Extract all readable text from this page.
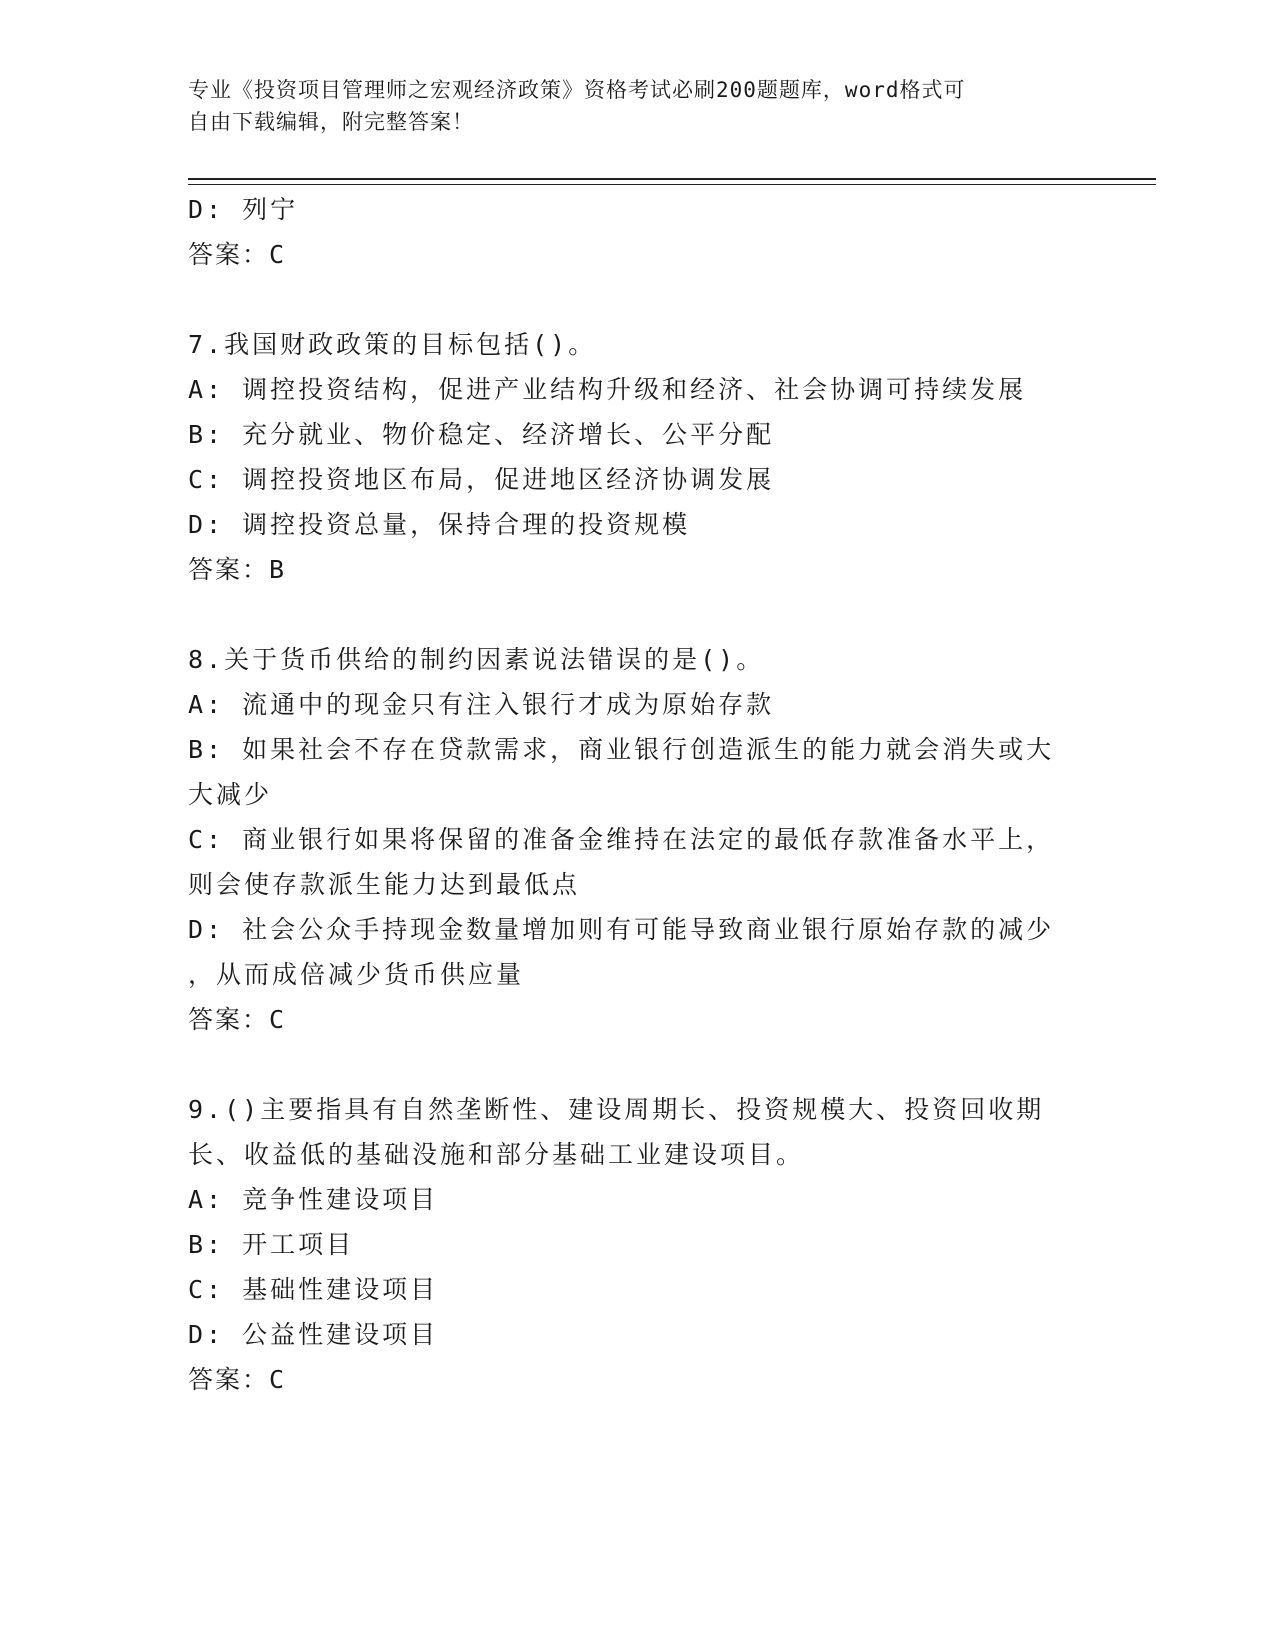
专业《投资项目管理师之宏观经济政策》资格考试必刷200题题库，word格式可
自由下载编辑，附完整答案！
D: 列宁
答案：C
7.我国财政政策的目标包括()。
A: 调控投资结构，促进产业结构升级和经济、社会协调可持续发展
B: 充分就业、物价稳定、经济增长、公平分配
C: 调控投资地区布局，促进地区经济协调发展
D: 调控投资总量，保持合理的投资规模
答案：B
8.关于货币供给的制约因素说法错误的是()。
A: 流通中的现金只有注入银行才成为原始存款
B: 如果社会不存在贷款需求，商业银行创造派生的能力就会消失或大
大减少
C: 商业银行如果将保留的准备金维持在法定的最低存款准备水平上，
则会使存款派生能力达到最低点
D: 社会公众手持现金数量增加则有可能导致商业银行原始存款的减少
，从而成倍减少货币供应量
答案：C
9.()主要指具有自然垄断性、建设周期长、投资规模大、投资回收期
长、收益低的基础没施和部分基础工业建设项目。
A: 竞争性建设项目
B: 开工项目
C: 基础性建设项目
D: 公益性建设项目
答案：C
